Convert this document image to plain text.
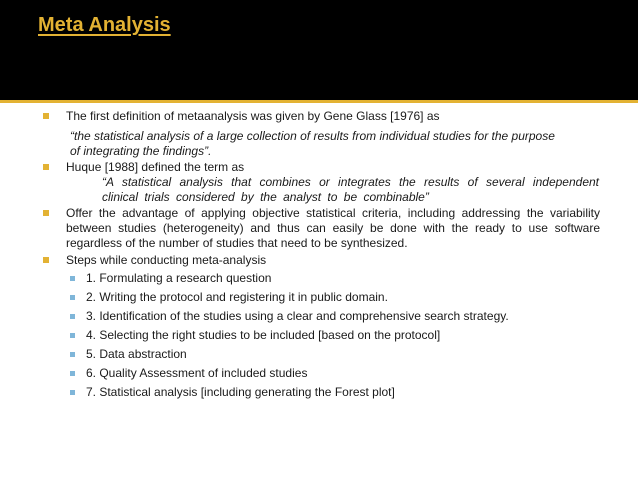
Meta Analysis
The first definition of metaanalysis was given by Gene Glass [1976] as
“the statistical analysis of a large collection of results from individual studies for the purpose
of integrating the findings”.
Huque [1988] defined the term as
“A statistical analysis that combines or integrates the results of several independent
clinical trials considered by the analyst to be combinable”
Offer the advantage of applying objective statistical criteria, including addressing the variability between studies (heterogeneity) and thus can easily be done with the ready to use software regardless of the number of studies that need to be synthesized.
Steps while conducting meta-analysis
1. Formulating a research question
2. Writing the protocol and registering it in public domain.
3. Identification of the studies using a clear and comprehensive search strategy.
4. Selecting the right studies to be included [based on the protocol]
5. Data abstraction
6. Quality Assessment of included studies
7. Statistical analysis [including generating the Forest plot]
